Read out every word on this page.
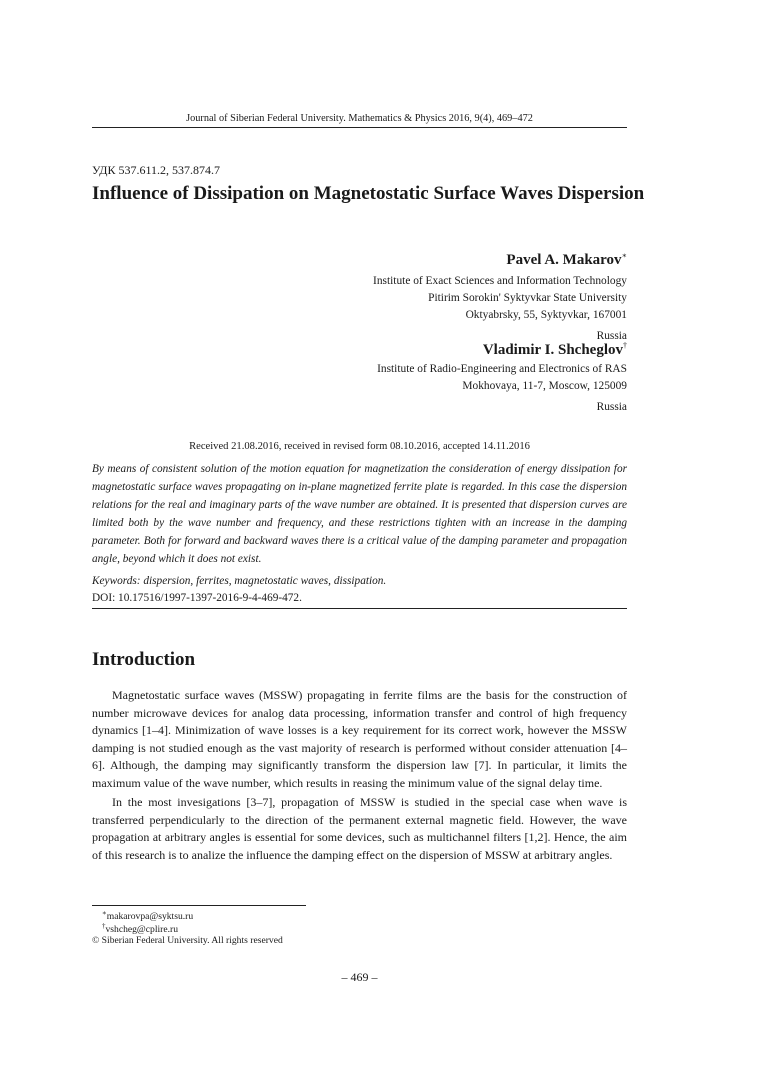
Journal of Siberian Federal University. Mathematics & Physics 2016, 9(4), 469–472
УДК 537.611.2, 537.874.7
Influence of Dissipation on Magnetostatic Surface Waves Dispersion
Pavel A. Makarov∗
Institute of Exact Sciences and Information Technology
Pitirim Sorokin' Syktyvkar State University
Oktyabrsky, 55, Syktyvkar, 167001
Russia
Vladimir I. Shcheglov†
Institute of Radio-Engineering and Electronics of RAS
Mokhovaya, 11-7, Moscow, 125009
Russia
Received 21.08.2016, received in revised form 08.10.2016, accepted 14.11.2016
By means of consistent solution of the motion equation for magnetization the consideration of energy dissipation for magnetostatic surface waves propagating on in-plane magnetized ferrite plate is regarded. In this case the dispersion relations for the real and imaginary parts of the wave number are obtained. It is presented that dispersion curves are limited both by the wave number and frequency, and these restrictions tighten with an increase in the damping parameter. Both for forward and backward waves there is a critical value of the damping parameter and propagation angle, beyond which it does not exist.
Keywords: dispersion, ferrites, magnetostatic waves, dissipation.
DOI: 10.17516/1997-1397-2016-9-4-469-472.
Introduction

Magnetostatic surface waves (MSSW) propagating in ferrite films are the basis for the construction of number microwave devices for analog data processing, information transfer and control of high frequency dynamics [1–4]. Minimization of wave losses is a key requirement for its correct work, however the MSSW damping is not studied enough as the vast majority of research is performed without consider attenuation [4–6]. Although, the damping may significantly transform the dispersion law [7]. In particular, it limits the maximum value of the wave number, which results in reasing the minimum value of the signal delay time.

In the most invesigations [3–7], propagation of MSSW is studied in the special case when wave is transferred perpendicularly to the direction of the permanent external magnetic field. However, the wave propagation at arbitrary angles is essential for some devices, such as multichannel filters [1,2]. Hence, the aim of this research is to analize the influence the damping effect on the dispersion of MSSW at arbitrary angles.

∗makarovpa@syktsu.ru
†vshcheg@cplire.ru
© Siberian Federal University. All rights reserved
– 469 –
